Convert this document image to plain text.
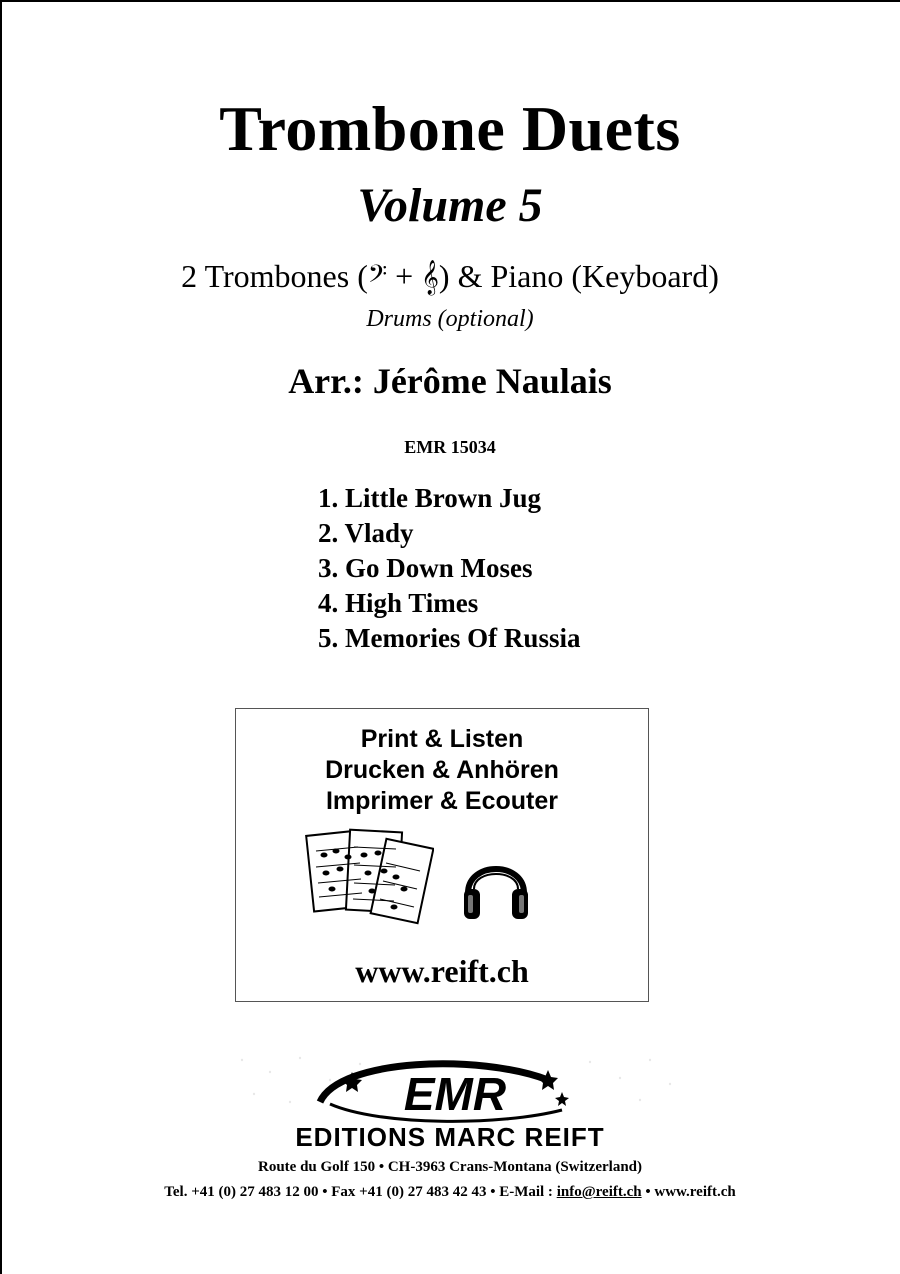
Trombone Duets
Volume 5
2 Trombones (𝄢 + 𝄞) & Piano (Keyboard)
Drums (optional)
Arr.: Jérôme Naulais
EMR 15034
1. Little Brown Jug
2. Vlady
3. Go Down Moses
4. High Times
5. Memories Of Russia
Print & Listen
Drucken & Anhören
Imprimer & Ecouter
www.reift.ch
EMR
EDITIONS MARC REIFT
Route du Golf 150 • CH-3963 Crans-Montana (Switzerland)
Tel. +41 (0) 27 483 12 00 • Fax +41 (0) 27 483 42 43 • E-Mail : info@reift.ch • www.reift.ch
